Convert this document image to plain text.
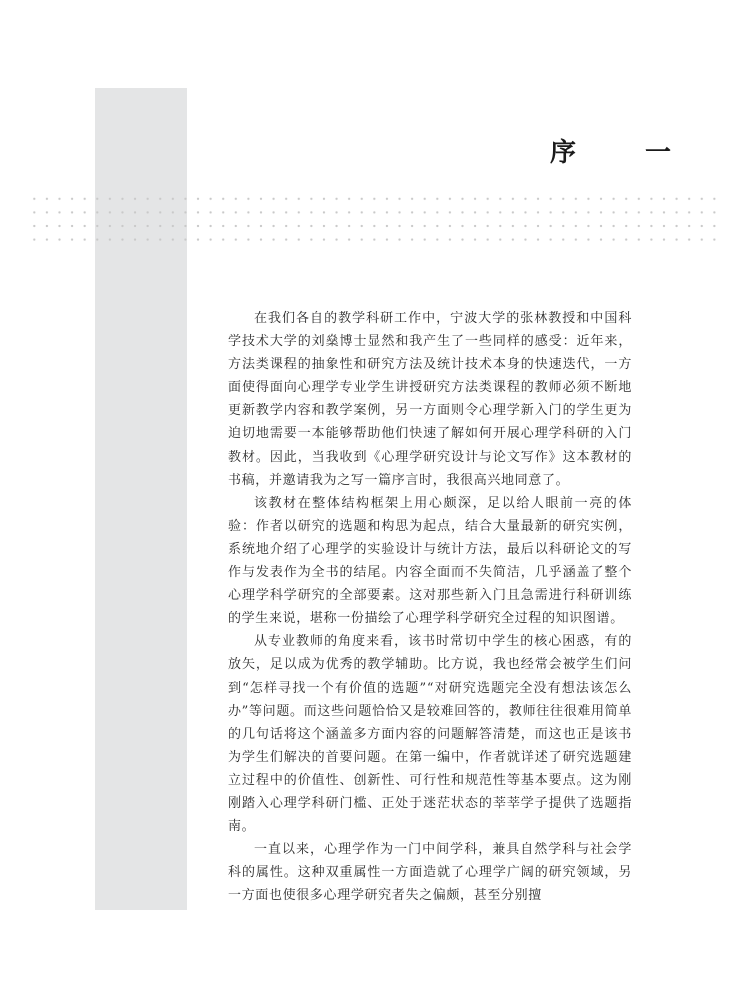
序 一

在我们各自的教学科研工作中，宁波大学的张林教授和中国科学技术大学的刘燊博士显然和我产生了一些同样的感受：近年来，方法类课程的抽象性和研究方法及统计技术本身的快速迭代，一方面使得面向心理学专业学生讲授研究方法类课程的教师必须不断地更新教学内容和教学案例，另一方面则令心理学新入门的学生更为迫切地需要一本能够帮助他们快速了解如何开展心理学科研的入门教材。因此，当我收到《心理学研究设计与论文写作》这本教材的书稿，并邀请我为之写一篇序言时，我很高兴地同意了。

该教材在整体结构框架上用心颇深，足以给人眼前一亮的体验：作者以研究的选题和构思为起点，结合大量最新的研究实例，系统地介绍了心理学的实验设计与统计方法，最后以科研论文的写作与发表作为全书的结尾。内容全面而不失简洁，几乎涵盖了整个心理学科学研究的全部要素。这对那些新入门且急需进行科研训练的学生来说，堪称一份描绘了心理学科学研究全过程的知识图谱。

从专业教师的角度来看，该书时常切中学生的核心困惑，有的放矢，足以成为优秀的教学辅助。比方说，我也经常会被学生们问到“怎样寻找一个有价值的选题”“对研究选题完全没有想法该怎么办”等问题。而这些问题恰恰又是较难回答的，教师往往很难用简单的几句话将这个涵盖多方面内容的问题解答清楚，而这也正是该书为学生们解决的首要问题。在第一编中，作者就详述了研究选题建立过程中的价值性、创新性、可行性和规范性等基本要点。这为刚刚踏入心理学科研门槛、正处于迷茫状态的莘莘学子提供了选题指南。

一直以来，心理学作为一门中间学科，兼具自然学科与社会学科的属性。这种双重属性一方面造就了心理学广阔的研究领域，另一方面也使很多心理学研究者失之偏颇，甚至分别擅
